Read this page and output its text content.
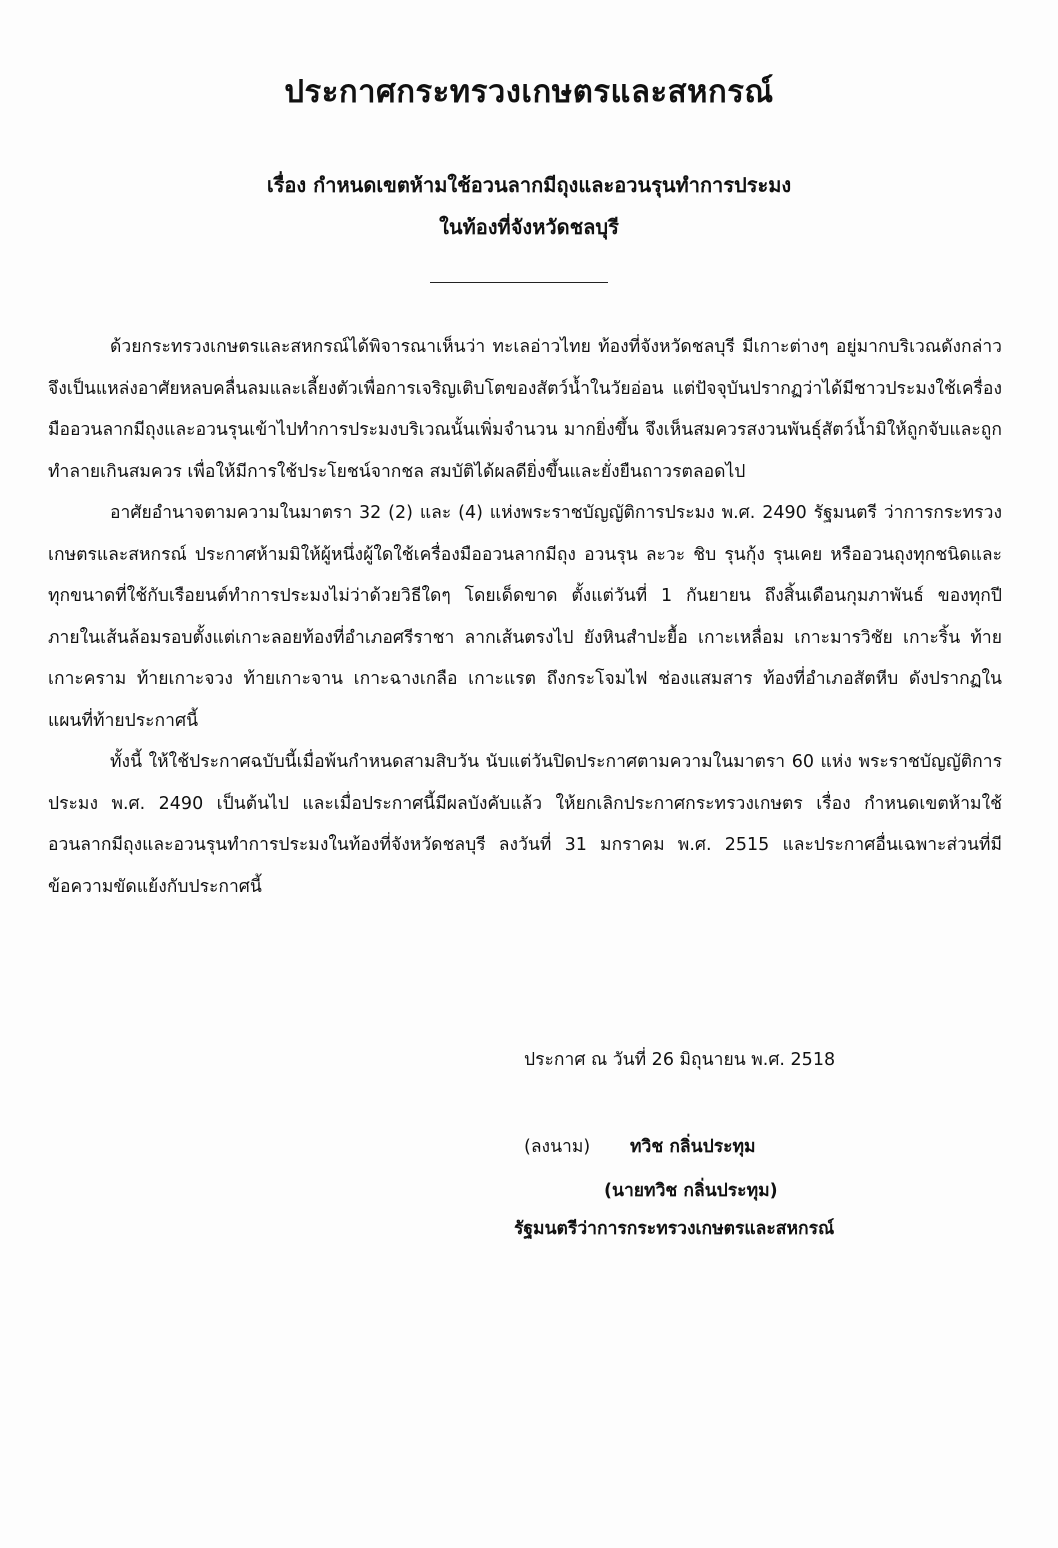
ประกาศกระทรวงเกษตรและสหกรณ์
เรื่อง กำหนดเขตห้ามใช้อวนลากมีถุงและอวนรุนทำการประมง
ในท้องที่จังหวัดชลบุรี

ด้วยกระทรวงเกษตรและสหกรณ์ได้พิจารณาเห็นว่า ทะเลอ่าวไทย ท้องที่จังหวัดชลบุรี มีเกาะต่างๆ อยู่มากบริเวณดังกล่าวจึงเป็นแหล่งอาศัยหลบคลื่นลมและเลี้ยงตัวเพื่อการเจริญเติบโตของสัตว์น้ำในวัยอ่อน แต่ปัจจุบันปรากฏว่าได้มีชาวประมงใช้เครื่องมืออวนลากมีถุงและอวนรุนเข้าไปทำการประมงบริเวณนั้นเพิ่มจำนวน มากยิ่งขึ้น จึงเห็นสมควรสงวนพันธุ์สัตว์น้ำมิให้ถูกจับและถูกทำลายเกินสมควร เพื่อให้มีการใช้ประโยชน์จากชล สมบัติได้ผลดียิ่งขึ้นและยั่งยืนถาวรตลอดไป

อาศัยอำนาจตามความในมาตรา 32 (2) และ (4) แห่งพระราชบัญญัติการประมง พ.ศ. 2490 รัฐมนตรี ว่าการกระทรวงเกษตรและสหกรณ์ ประกาศห้ามมิให้ผู้หนึ่งผู้ใดใช้เครื่องมืออวนลากมีถุง อวนรุน ละวะ ชิบ รุนกุ้ง รุนเคย หรืออวนถุงทุกชนิดและทุกขนาดที่ใช้กับเรือยนต์ทำการประมงไม่ว่าด้วยวิธีใดๆ โดยเด็ดขาด ตั้งแต่วันที่ 1 กันยายน ถึงสิ้นเดือนกุมภาพันธ์ ของทุกปี ภายในเส้นล้อมรอบตั้งแต่เกาะลอยท้องที่อำเภอศรีราชา ลากเส้นตรงไป ยังหินสำปะยื้อ เกาะเหลื่อม เกาะมารวิชัย เกาะริ้น ท้ายเกาะคราม ท้ายเกาะจวง ท้ายเกาะจาน เกาะฉางเกลือ เกาะแรต ถึงกระโจมไฟ ช่องแสมสาร ท้องที่อำเภอสัตหีบ ดังปรากฏในแผนที่ท้ายประกาศนี้

ทั้งนี้ ให้ใช้ประกาศฉบับนี้เมื่อพ้นกำหนดสามสิบวัน นับแต่วันปิดประกาศตามความในมาตรา 60 แห่ง พระราชบัญญัติการประมง พ.ศ. 2490 เป็นต้นไป และเมื่อประกาศนี้มีผลบังคับแล้ว ให้ยกเลิกประกาศกระทรวงเกษตร เรื่อง กำหนดเขตห้ามใช้อวนลากมีถุงและอวนรุนทำการประมงในท้องที่จังหวัดชลบุรี ลงวันที่ 31 มกราคม พ.ศ. 2515 และประกาศอื่นเฉพาะส่วนที่มีข้อความขัดแย้งกับประกาศนี้

ประกาศ ณ วันที่ 26 มิถุนายน พ.ศ. 2518
(ลงนาม) ทวิช กลิ่นประทุม
(นายทวิช กลิ่นประทุม)
รัฐมนตรีว่าการกระทรวงเกษตรและสหกรณ์
